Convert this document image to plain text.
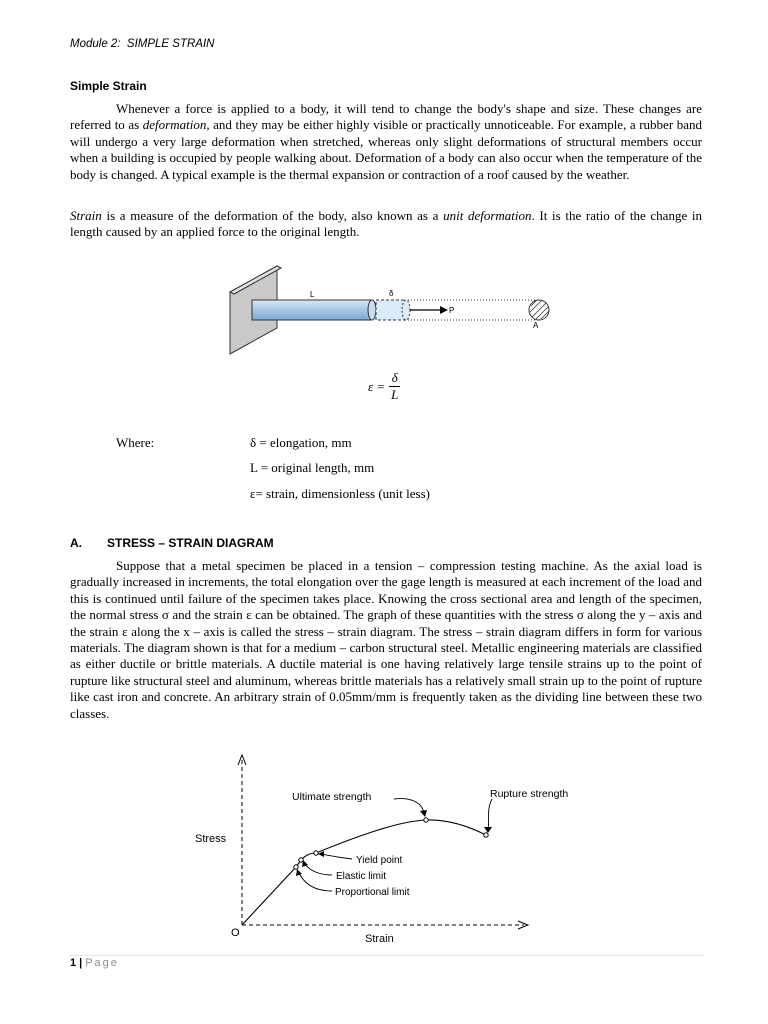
Module 2:  SIMPLE STRAIN
Simple Strain

Whenever a force is applied to a body, it will tend to change the body's shape and size. These changes are referred to as deformation, and they may be either highly visible or practically unnoticeable. For example, a rubber band will undergo a very large deformation when stretched, whereas only slight deformations of structural members occur when a building is occupied by people walking about. Deformation of a body can also occur when the temperature of the body is changed. A typical example is the thermal expansion or contraction of a roof caused by the weather.

Strain is a measure of the deformation of the body, also known as a unit deformation. It is the ratio of the change in length caused by an applied force to the original length.

L	δ
P
A
$\varepsilon = \frac{\delta}{L}$
Where:	δ = elongation, mm
L = original length, mm
ε= strain, dimensionless (unit less)
A. STRESS – STRAIN DIAGRAM

Suppose that a metal specimen be placed in a tension – compression testing machine. As the axial load is gradually increased in increments, the total elongation over the gage length is measured at each increment of the load and this is continued until failure of the specimen takes place. Knowing the cross sectional area and length of the specimen, the normal stress σ and the strain ε can be obtained. The graph of these quantities with the stress σ along the y – axis and the strain ε along the x – axis is called the stress – strain diagram. The stress – strain diagram differs in form for various materials. The diagram shown is that for a medium – carbon structural steel. Metallic engineering materials are classified as either ductile or brittle materials. A ductile material is one having relatively large tensile strains up to the point of rupture like structural steel and aluminum, whereas brittle materials has a relatively small strain up to the point of rupture like cast iron and concrete. An arbitrary strain of 0.05mm/mm is frequently taken as the dividing line between these two classes.

Ultimate strength	Rupture strength
Stress
Yield point
Elastic limit
Proportional limit
O	Strain
1 | Page
